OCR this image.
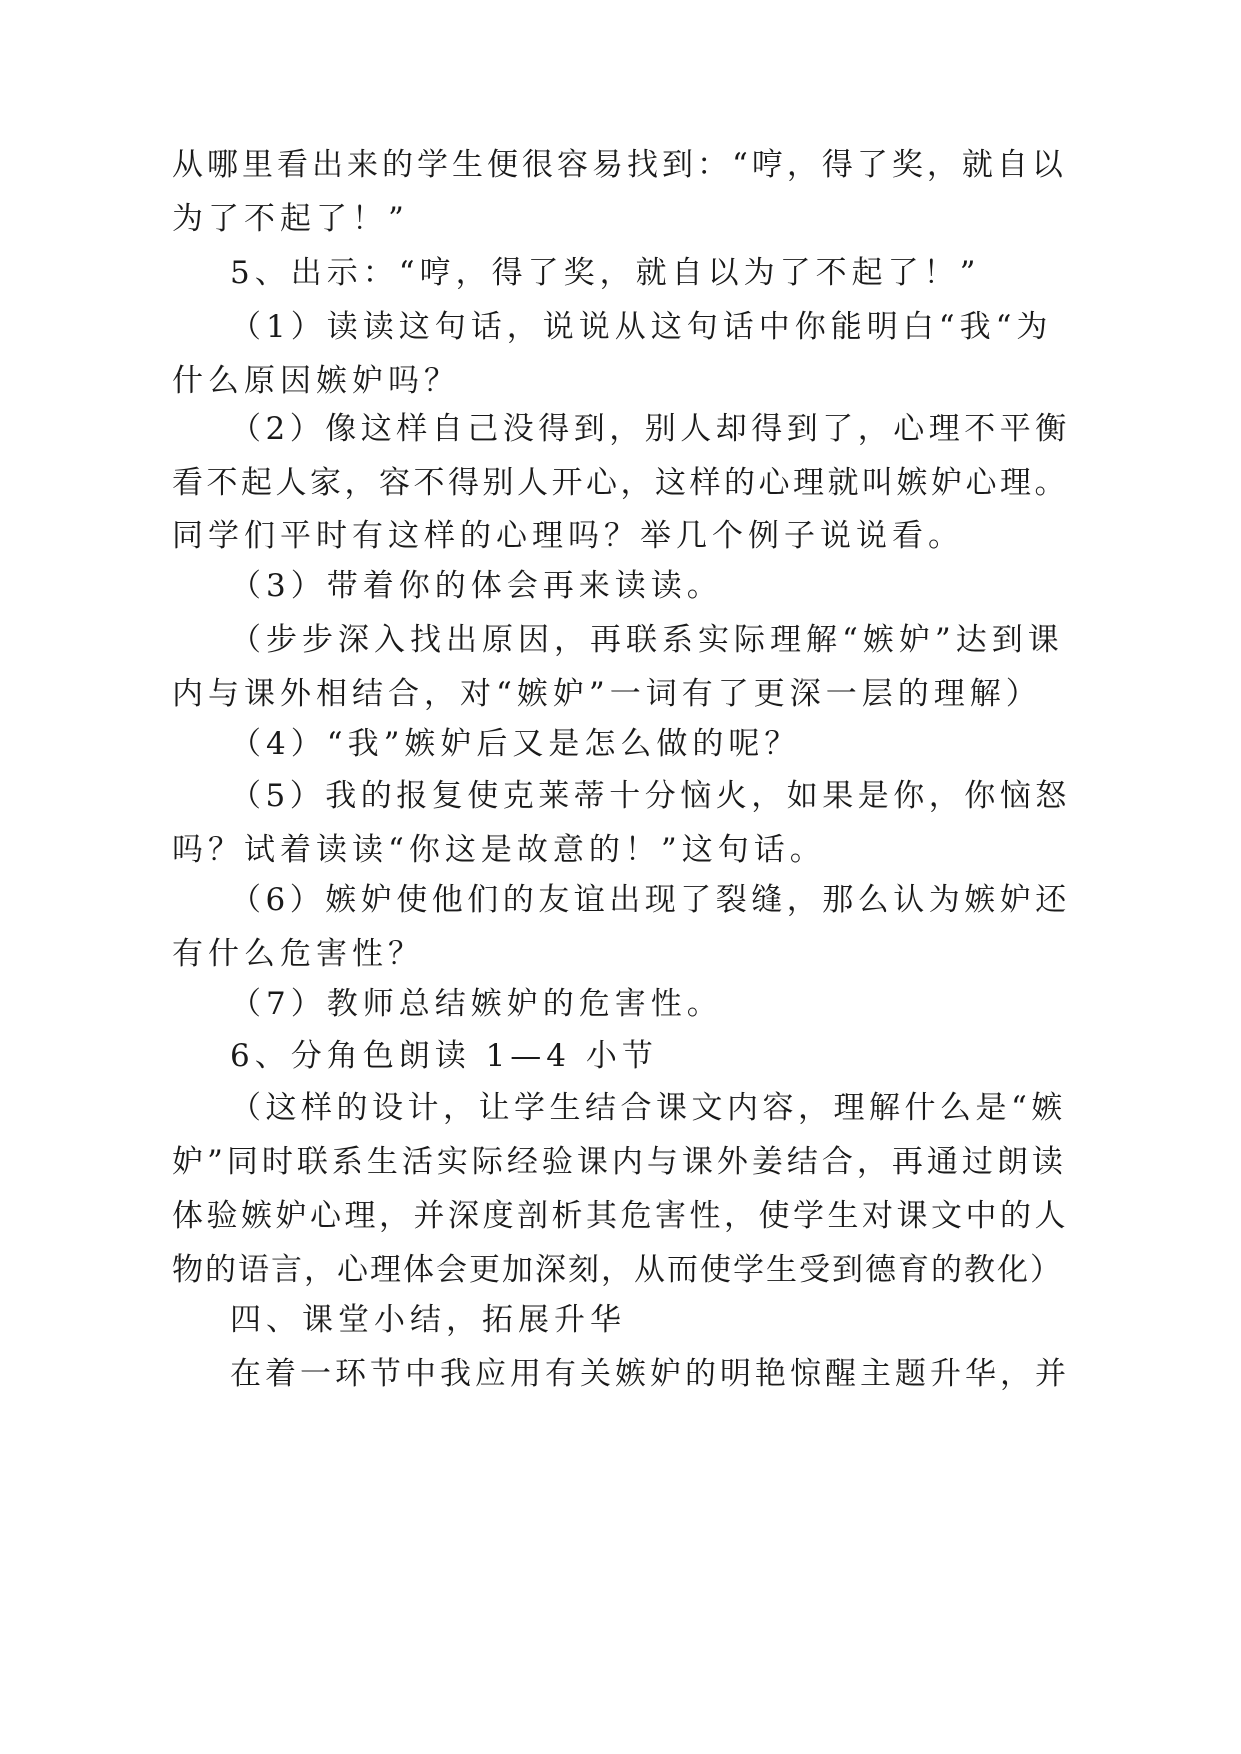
从哪里看出来的学生便很容易找到：“哼，得了奖，就自以
为了不起了！”
5、出示：“哼，得了奖，就自以为了不起了！”
（1）读读这句话，说说从这句话中你能明白“我“为
什么原因嫉妒吗？
（2）像这样自己没得到，别人却得到了，心理不平衡
看不起人家，容不得别人开心，这样的心理就叫嫉妒心理。
同学们平时有这样的心理吗？举几个例子说说看。
（3）带着你的体会再来读读。
（步步深入找出原因，再联系实际理解“嫉妒”达到课
内与课外相结合，对“嫉妒”一词有了更深一层的理解）
（4）“我”嫉妒后又是怎么做的呢？
（5）我的报复使克莱蒂十分恼火，如果是你，你恼怒
吗？试着读读“你这是故意的！”这句话。
（6）嫉妒使他们的友谊出现了裂缝，那么认为嫉妒还
有什么危害性？
（7）教师总结嫉妒的危害性。
6、分角色朗读 1—4 小节
（这样的设计，让学生结合课文内容，理解什么是“嫉
妒”同时联系生活实际经验课内与课外姜结合，再通过朗读
体验嫉妒心理，并深度剖析其危害性，使学生对课文中的人
物的语言，心理体会更加深刻，从而使学生受到德育的教化）
四、课堂小结，拓展升华
在着一环节中我应用有关嫉妒的明艳惊醒主题升华，并
